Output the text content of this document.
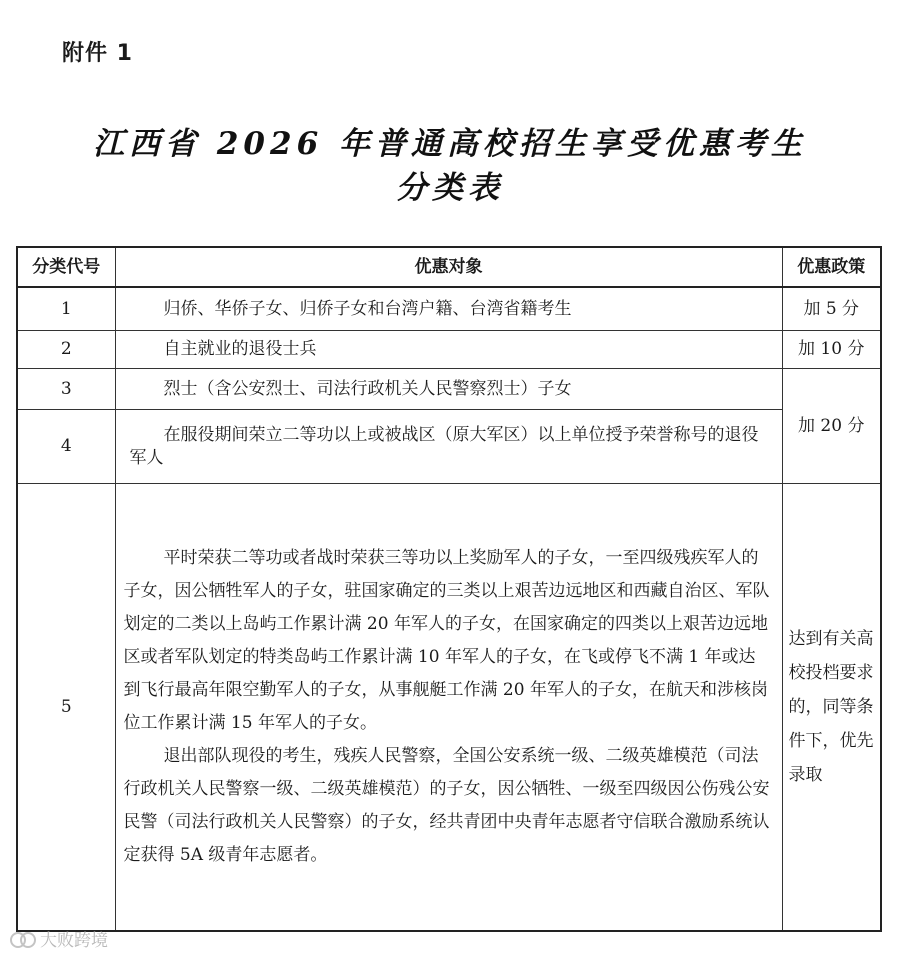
附件 1
江西省 2026 年普通高校招生享受优惠考生
分类表
分类代号	优惠对象	优惠政策
1	归侨、华侨子女、归侨子女和台湾户籍、台湾省籍考生	加 5 分
2	自主就业的退役士兵	加 10 分
3	烈士（含公安烈士、司法行政机关人民警察烈士）子女	加 20 分
4	在服役期间荣立二等功以上或被战区（原大军区）以上单位授予荣誉称号的退役军人	

5	平时荣获二等功或者战时荣获三等功以上奖励军人的子女，一至四级残疾军人的子女，因公牺牲军人的子女，驻国家确定的三类以上艰苦边远地区和西藏自治区、军队划定的二类以上岛屿工作累计满 20 年军人的子女，在国家确定的四类以上艰苦边远地区或者军队划定的特类岛屿工作累计满 10 年军人的子女，在飞或停飞不满 1 年或达到飞行最高年限空勤军人的子女，从事舰艇工作满 20 年军人的子女，在航天和涉核岗位工作累计满 15 年军人的子女。

退出部队现役的考生，残疾人民警察，全国公安系统一级、二级英雄模范（司法行政机关人民警察一级、二级英雄模范）的子女，因公牺牲、一级至四级因公伤残公安民警（司法行政机关人民警察）的子女，经共青团中央青年志愿者守信联合激励系统认定获得 5A 级青年志愿者。	达到有关高校投档要求的，同等条件下，优先录取
大败跨境
